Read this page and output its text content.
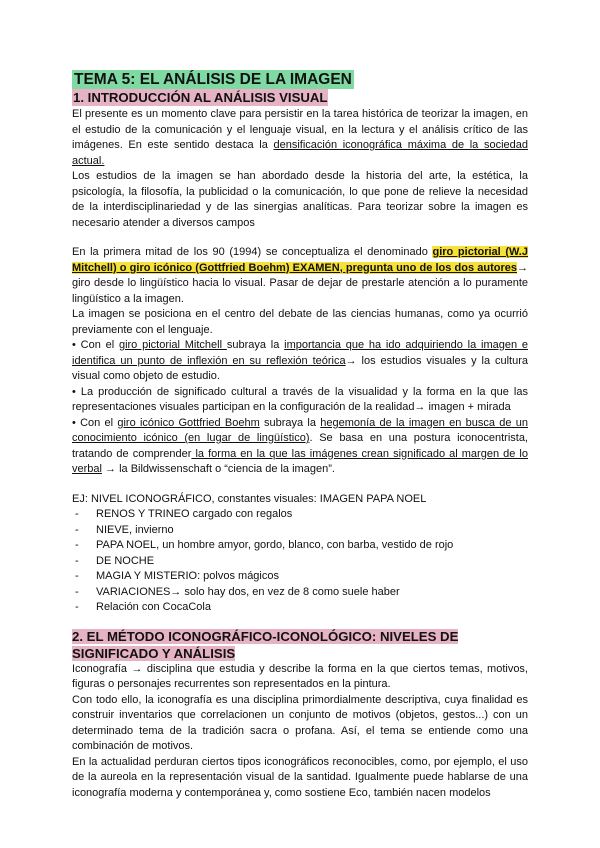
TEMA 5: EL ANÁLISIS DE LA IMAGEN
1. INTRODUCCIÓN AL ANÁLISIS VISUAL

El presente es un momento clave para persistir en la tarea histórica de teorizar la imagen, en el estudio de la comunicación y el lenguaje visual, en la lectura y el análisis crítico de las imágenes. En este sentido destaca la densificación iconográfica máxima de la sociedad actual.

Los estudios de la imagen se han abordado desde la historia del arte, la estética, la psicología, la filosofía, la publicidad o la comunicación, lo que pone de relieve la necesidad de la interdisciplinariedad y de las sinergias analíticas. Para teorizar sobre la imagen es necesario atender a diversos campos

En la primera mitad de los 90 (1994) se conceptualiza el denominado giro pictorial (W.J Mitchell) o giro icónico (Gottfried Boehm) EXAMEN, pregunta uno de los dos autores→ giro desde lo lingüístico hacia lo visual. Pasar de dejar de prestarle atención a lo puramente lingüístico a la imagen.

La imagen se posiciona en el centro del debate de las ciencias humanas, como ya ocurrió previamente con el lenguaje.

• Con el giro pictorial Mitchell subraya la importancia que ha ido adquiriendo la imagen e identifica un punto de inflexión en su reflexión teórica→ los estudios visuales y la cultura visual como objeto de estudio.

• La producción de significado cultural a través de la visualidad y la forma en la que las representaciones visuales participan en la configuración de la realidad→ imagen + mirada

• Con el giro icónico Gottfried Boehm subraya la hegemonía de la imagen en busca de un conocimiento icónico (en lugar de lingüístico). Se basa en una postura iconocentrista, tratando de comprender la forma en la que las imágenes crean significado al margen de lo verbal → la Bildwissenschaft o “ciencia de la imagen”.

EJ: NIVEL ICONOGRÁFICO, constantes visuales: IMAGEN PAPA NOEL

- RENOS Y TRINEO cargado con regalos
- NIEVE, invierno
- PAPA NOEL, un hombre amyor, gordo, blanco, con barba, vestido de rojo
- DE NOCHE
- MAGIA Y MISTERIO: polvos mágicos
- VARIACIONES→ solo hay dos, en vez de 8 como suele haber
- Relación con CocaCola
2. EL MÉTODO ICONOGRÁFICO-ICONOLÓGICO: NIVELES DE SIGNIFICADO Y ANÁLISIS

Iconografía → disciplina que estudia y describe la forma en la que ciertos temas, motivos, figuras o personajes recurrentes son representados en la pintura.

Con todo ello, la iconografía es una disciplina primordialmente descriptiva, cuya finalidad es construir inventarios que correlacionen un conjunto de motivos (objetos, gestos...) con un determinado tema de la tradición sacra o profana. Así, el tema se entiende como una combinación de motivos.

En la actualidad perduran ciertos tipos iconográficos reconocibles, como, por ejemplo, el uso de la aureola en la representación visual de la santidad. Igualmente puede hablarse de una iconografía moderna y contemporánea y, como sostiene Eco, también nacen modelos
